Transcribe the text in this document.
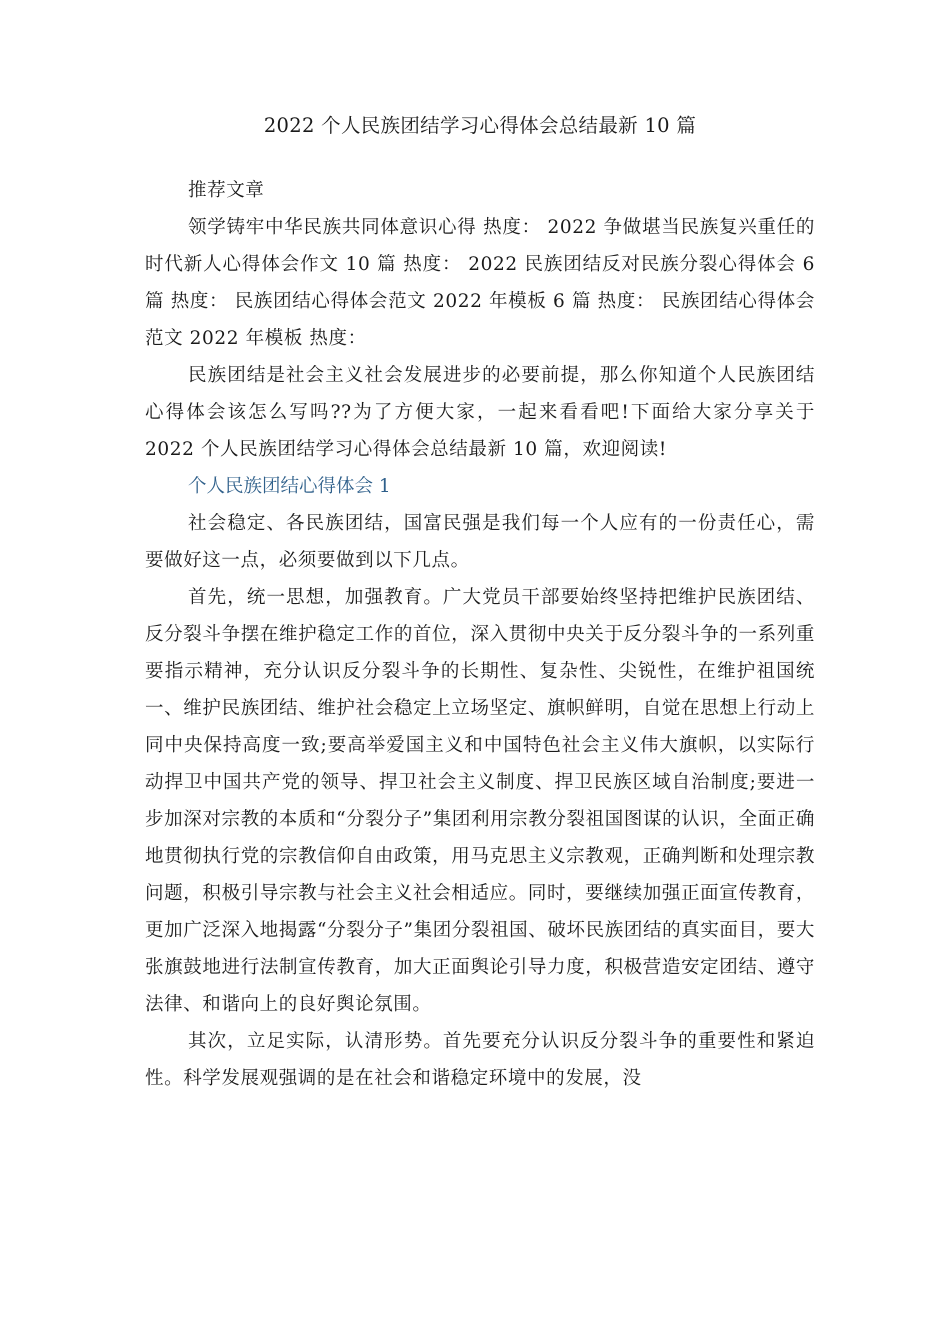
2022 个人民族团结学习心得体会总结最新 10 篇

推荐文章

领学铸牢中华民族共同体意识心得 热度： 2022 争做堪当民族复兴重任的时代新人心得体会作文 10 篇 热度： 2022 民族团结反对民族分裂心得体会 6 篇 热度： 民族团结心得体会范文 2022 年模板 6 篇 热度： 民族团结心得体会范文 2022 年模板 热度：

民族团结是社会主义社会发展进步的必要前提，那么你知道个人民族团结心得体会该怎么写吗??为了方便大家，一起来看看吧!下面给大家分享关于 2022 个人民族团结学习心得体会总结最新 10 篇，欢迎阅读!

个人民族团结心得体会 1

社会稳定、各民族团结，国富民强是我们每一个人应有的一份责任心，需要做好这一点，必须要做到以下几点。

首先，统一思想，加强教育。广大党员干部要始终坚持把维护民族团结、反分裂斗争摆在维护稳定工作的首位，深入贯彻中央关于反分裂斗争的一系列重要指示精神，充分认识反分裂斗争的长期性、复杂性、尖锐性，在维护祖国统一、维护民族团结、维护社会稳定上立场坚定、旗帜鲜明，自觉在思想上行动上同中央保持高度一致;要高举爱国主义和中国特色社会主义伟大旗帜，以实际行动捍卫中国共产党的领导、捍卫社会主义制度、捍卫民族区域自治制度;要进一步加深对宗教的本质和“分裂分子”集团利用宗教分裂祖国图谋的认识，全面正确地贯彻执行党的宗教信仰自由政策，用马克思主义宗教观，正确判断和处理宗教问题，积极引导宗教与社会主义社会相适应。同时，要继续加强正面宣传教育，更加广泛深入地揭露“分裂分子”集团分裂祖国、破坏民族团结的真实面目，要大张旗鼓地进行法制宣传教育，加大正面舆论引导力度，积极营造安定团结、遵守法律、和谐向上的良好舆论氛围。

其次，立足实际，认清形势。首先要充分认识反分裂斗争的重要性和紧迫性。科学发展观强调的是在社会和谐稳定环境中的发展，没
